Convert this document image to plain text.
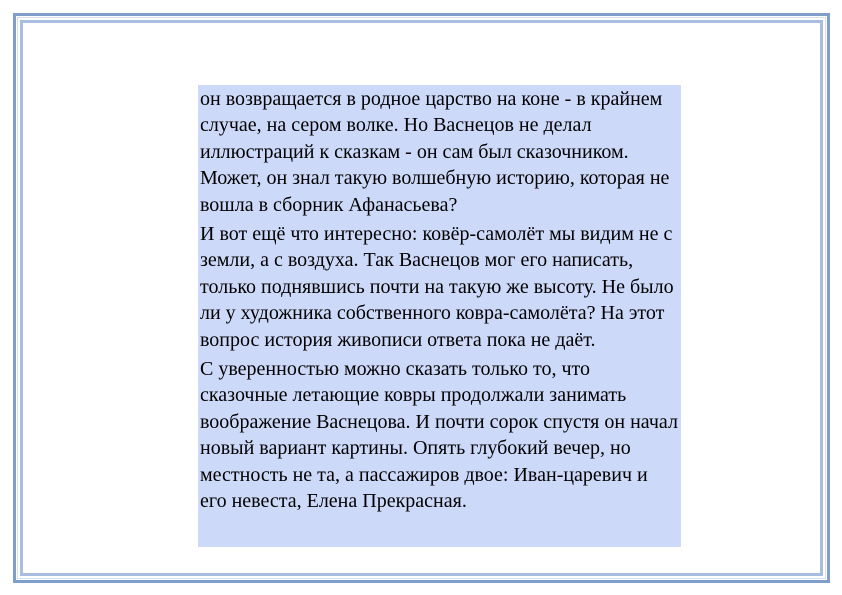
он возвращается в родное царство на коне - в крайнем случае, на сером волке. Но Васнецов не делал иллюстраций к сказкам - он сам был сказочником. Может, он знал такую волшебную историю, которая не вошла в сборник Афанасьева?

И вот ещё что интересно: ковёр-самолёт мы видим не с земли, а с воздуха. Так Васнецов мог его написать, только поднявшись почти на такую же высоту. Не было ли у художника собственного ковра-самолёта? На этот вопрос история живописи ответа пока не даёт.

С уверенностью можно сказать только то, что сказочные летающие ковры продолжали занимать воображение Васнецова. И почти сорок спустя он начал новый вариант картины. Опять глубокий вечер, но местность не та, а пассажиров двое: Иван-царевич и его невеста, Елена Прекрасная.
